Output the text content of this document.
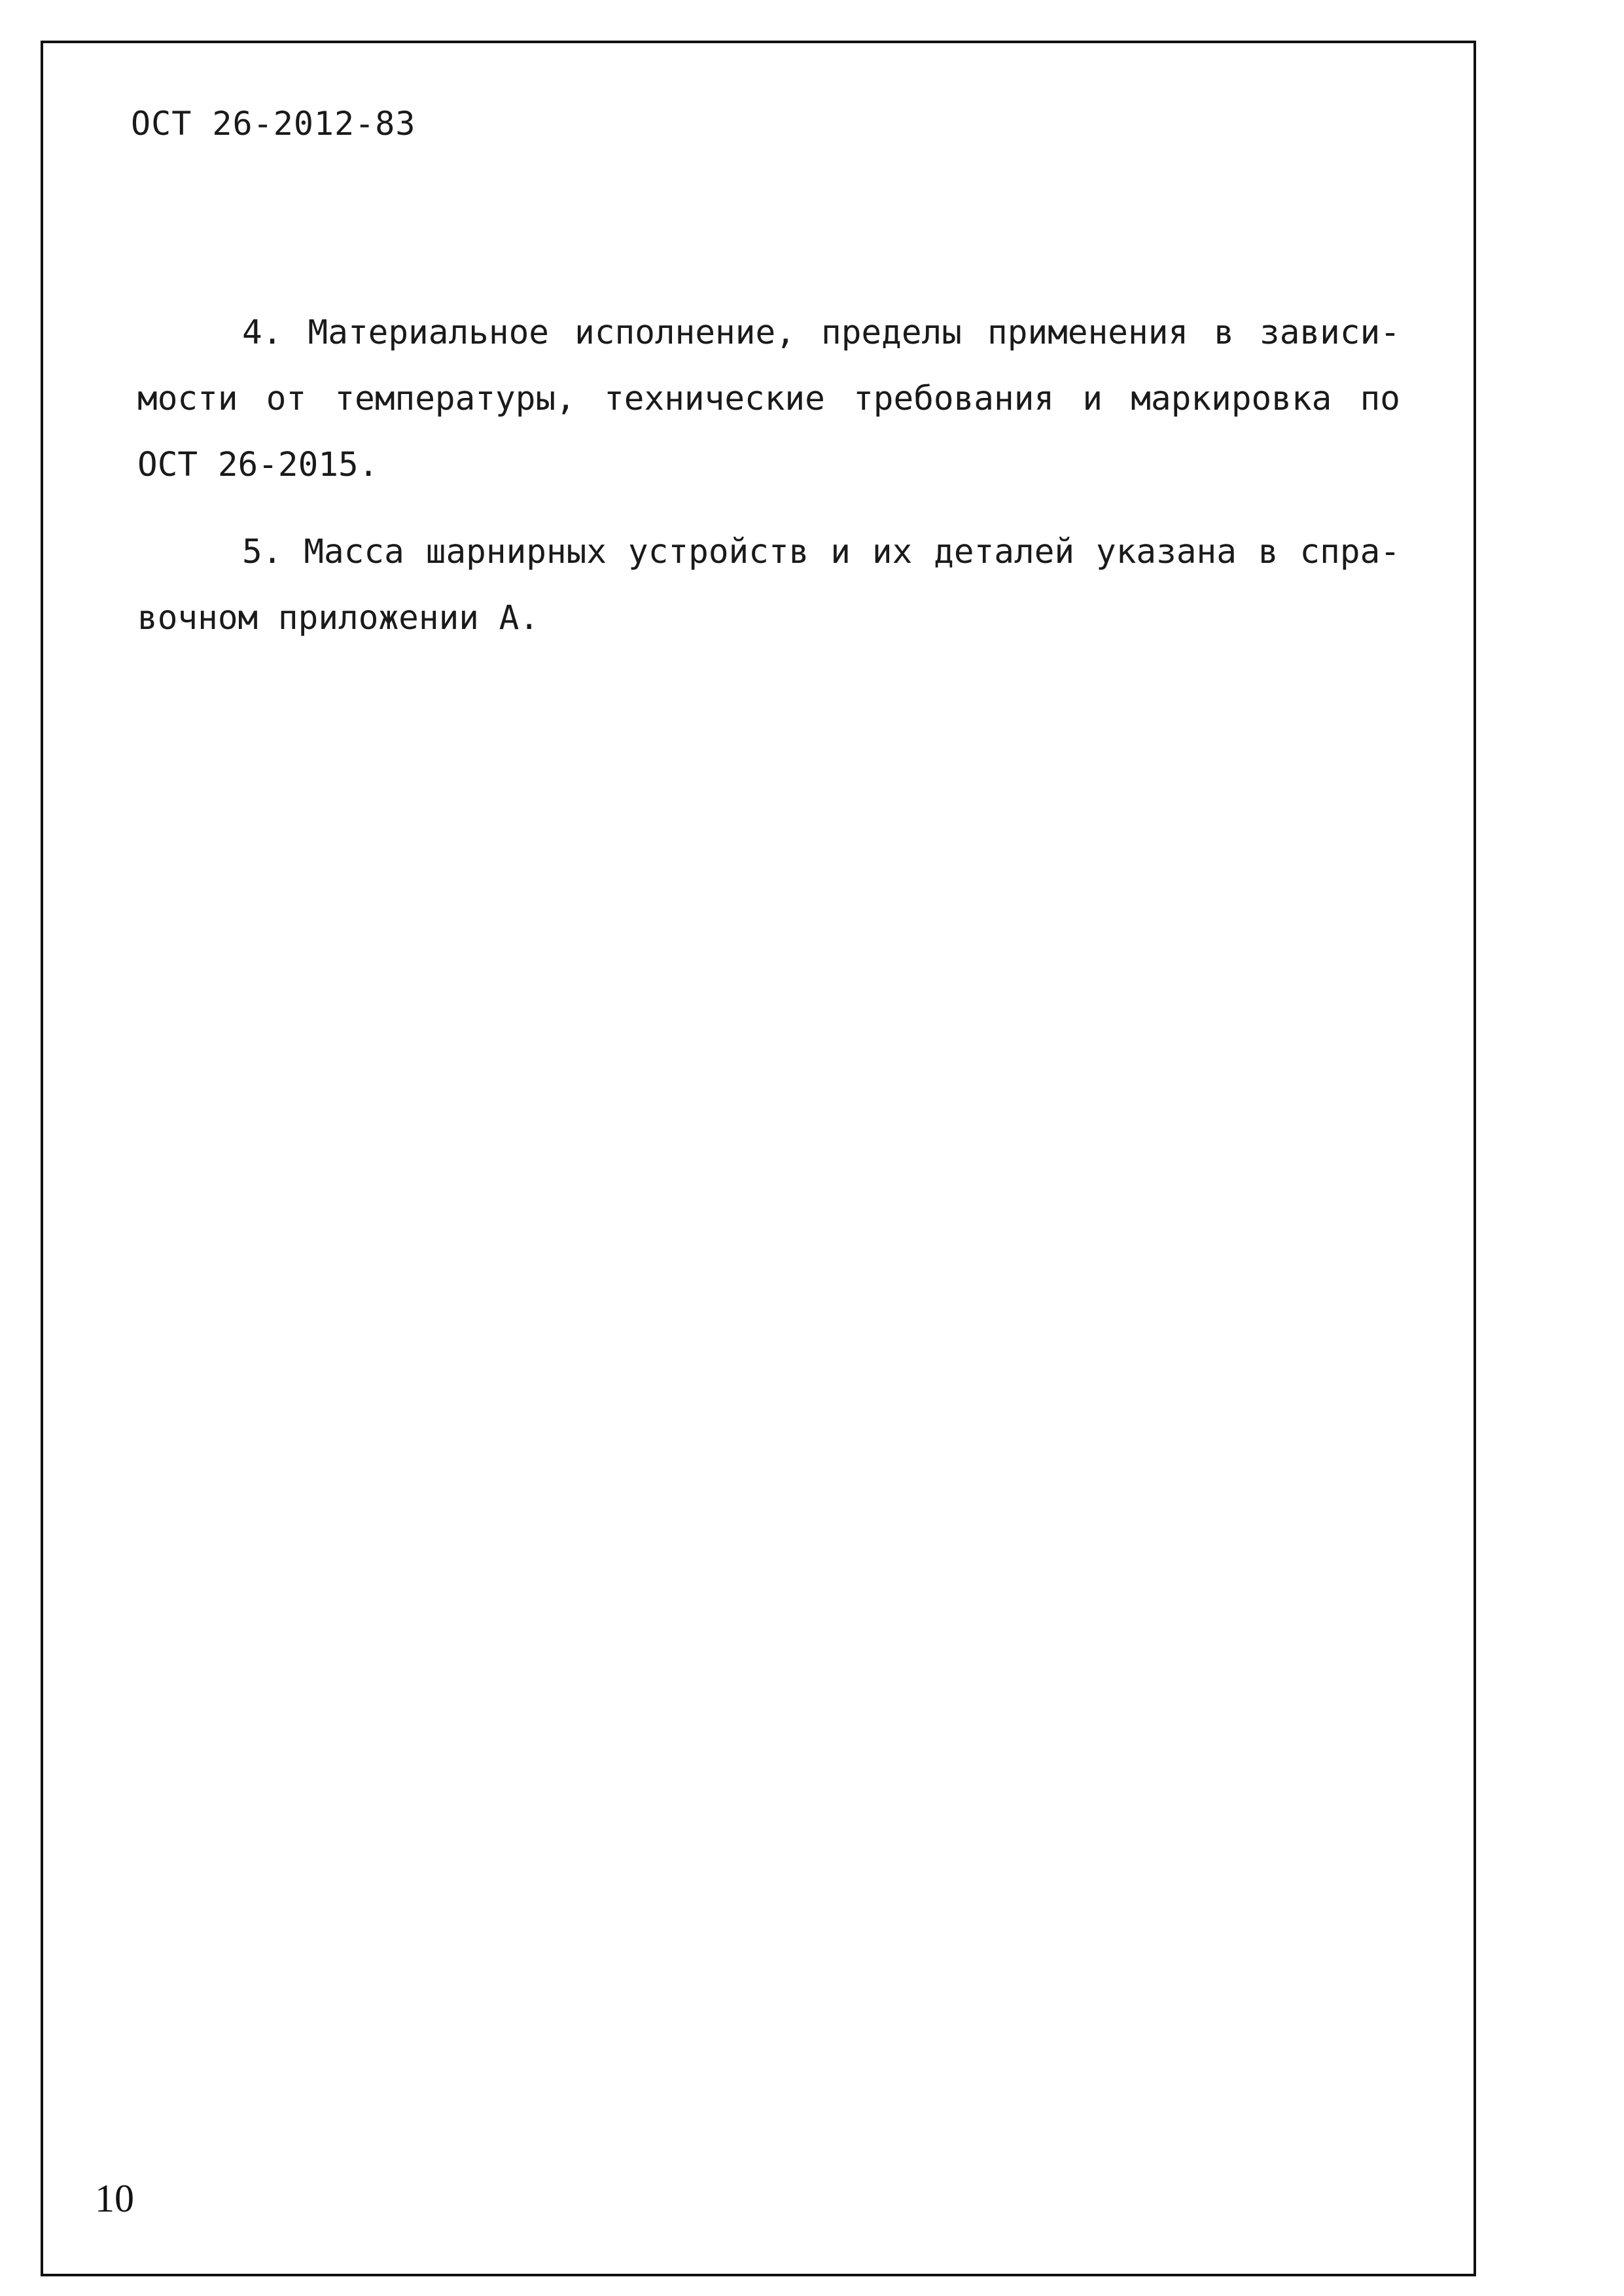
ОСТ 26-2012-83
4. Материальное исполнение, пределы применения в зависи-
мости от температуры, технические требования и маркировка по
ОСТ 26-2015.
5. Масса шарнирных устройств и их деталей указана в спра-
вочном приложении А.
10
